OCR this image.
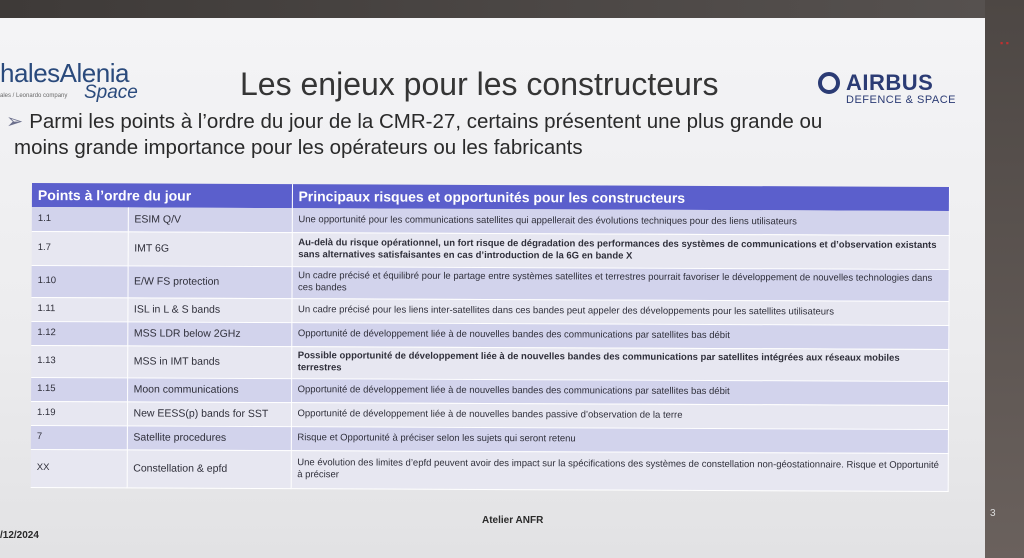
▪ ▪
halesAlenia
Space
ales / Leonardo company	Les enjeux pour les constructeurs	AIRBUS
DEFENCE & SPACE
➢ Parmi les points à l’ordre du jour de la CMR-27, certains présentent une plus grande ou
moins grande importance pour les opérateurs ou les fabricants
Points à l’ordre du jour		Principaux risques et opportunités pour les constructeurs
1.1	ESIM Q/V	Une opportunité pour les communications satellites qui appellerait des évolutions techniques pour des liens utilisateurs
1.7	IMT 6G	Au-delà du risque opérationnel, un fort risque de dégradation des performances des systèmes de communications et d’observation existants sans alternatives satisfaisantes en cas d’introduction de la 6G en bande X
1.10	E/W FS protection	Un cadre précisé et équilibré pour le partage entre systèmes satellites et terrestres pourrait favoriser le développement de nouvelles technologies dans ces bandes
1.11	ISL in L & S bands	Un cadre précisé pour les liens inter-satellites dans ces bandes peut appeler des développements pour les satellites utilisateurs
1.12	MSS LDR below 2GHz	Opportunité de développement liée à de nouvelles bandes des communications par satellites bas débit
1.13	MSS in IMT bands	Possible opportunité de développement liée à de nouvelles bandes des communications par satellites intégrées aux réseaux mobiles terrestres
1.15	Moon communications	Opportunité de développement liée à de nouvelles bandes des communications par satellites bas débit
1.19	New EESS(p) bands for SST	Opportunité de développement liée à de nouvelles bandes passive d’observation de la terre
7	Satellite procedures	Risque et Opportunité à préciser selon les sujets qui seront retenu
XX	Constellation & epfd	Une évolution des limites d’epfd peuvent avoir des impact sur la spécifications des systèmes de constellation non-géostationnaire. Risque et Opportunité à préciser
Atelier ANFR
/12/2024
3
